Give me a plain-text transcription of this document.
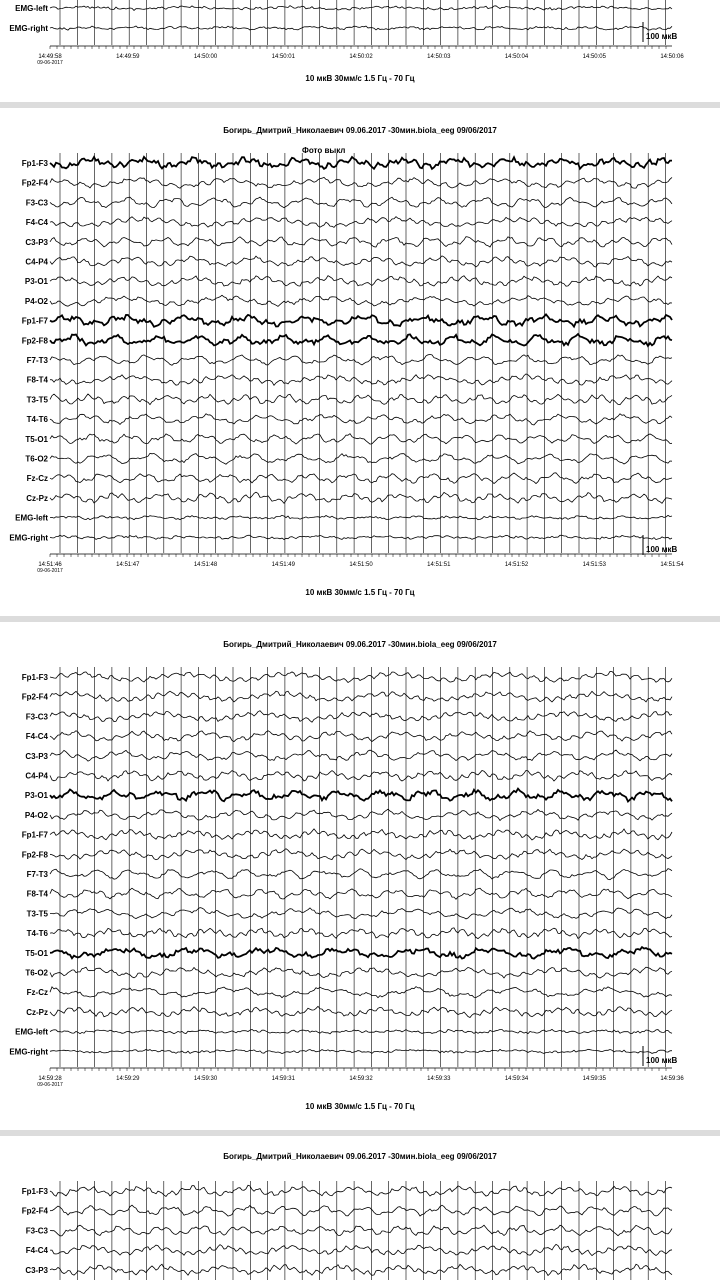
EMG-left
EMG-right
14:49:58	14:49:59	14:50:00	14:50:01	14:50:02	14:50:03	14:50:04	14:50:05	14:50:06
09-06-2017
100 мкВ
10 мкВ 30мм/с 1.5 Гц - 70 Гц
Богирь_Дмитрий_Николаевич 09.06.2017 -30мин.biola_eeg 09/06/2017
Фото выкл
Fp1-F3
Fp2-F4
F3-C3
F4-C4
C3-P3
C4-P4
P3-O1
P4-O2
Fp1-F7
Fp2-F8
F7-T3
F8-T4
T3-T5
T4-T6
T5-O1
T6-O2
Fz-Cz
Cz-Pz
EMG-left
EMG-right
14:51:46	14:51:47	14:51:48	14:51:49	14:51:50	14:51:51	14:51:52	14:51:53	14:51:54
09-06-2017
100 мкВ
10 мкВ 30мм/с 1.5 Гц - 70 Гц
Богирь_Дмитрий_Николаевич 09.06.2017 -30мин.biola_eeg 09/06/2017
Fp1-F3
Fp2-F4
F3-C3
F4-C4
C3-P3
C4-P4
P3-O1
P4-O2
Fp1-F7
Fp2-F8
F7-T3
F8-T4
T3-T5
T4-T6
T5-O1
T6-O2
Fz-Cz
Cz-Pz
EMG-left
EMG-right
14:59:28	14:59:29	14:59:30	14:59:31	14:59:32	14:59:33	14:59:34	14:59:35	14:59:36
09-06-2017
100 мкВ
10 мкВ 30мм/с 1.5 Гц - 70 Гц
Богирь_Дмитрий_Николаевич 09.06.2017 -30мин.biola_eeg 09/06/2017
Fp1-F3
Fp2-F4
F3-C3
F4-C4
C3-P3
